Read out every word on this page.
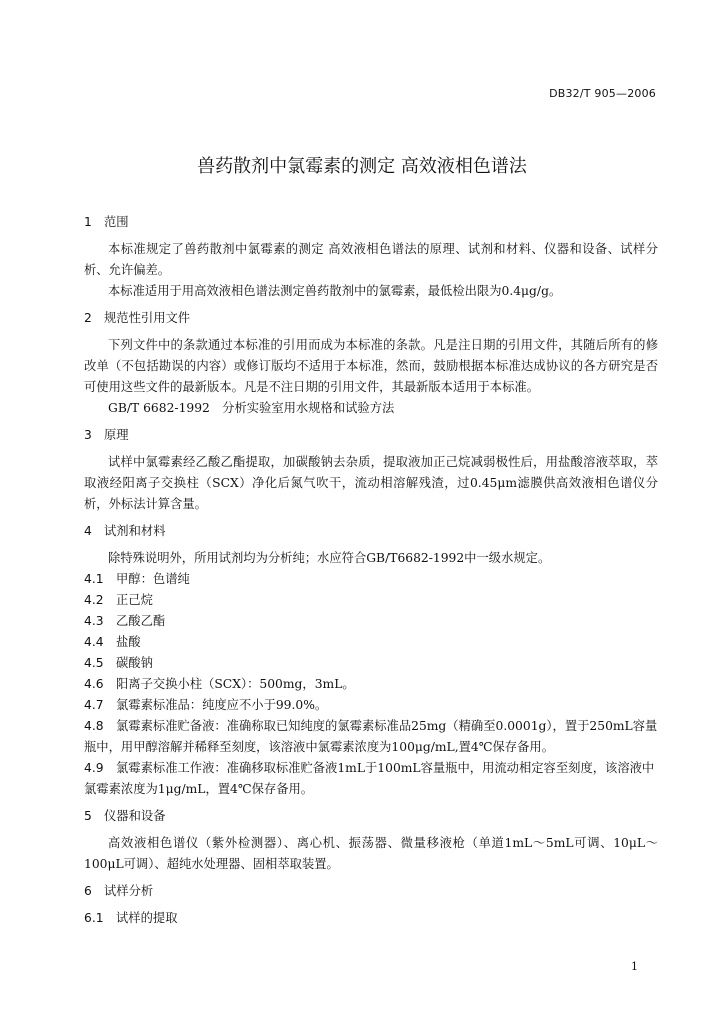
DB32/T 905—2006
兽药散剂中氯霉素的测定 高效液相色谱法

1 范围

本标准规定了兽药散剂中氯霉素的测定 高效液相色谱法的原理、试剂和材料、仪器和设备、试样分析、允许偏差。

本标准适用于用高效液相色谱法测定兽药散剂中的氯霉素，最低检出限为0.4μg/g。

2 规范性引用文件

下列文件中的条款通过本标准的引用而成为本标准的条款。凡是注日期的引用文件，其随后所有的修改单（不包括勘误的内容）或修订版均不适用于本标准，然而，鼓励根据本标准达成协议的各方研究是否可使用这些文件的最新版本。凡是不注日期的引用文件，其最新版本适用于本标准。

GB/T 6682-1992　分析实验室用水规格和试验方法

3 原理

试样中氯霉素经乙酸乙酯提取，加碳酸钠去杂质，提取液加正己烷减弱极性后，用盐酸溶液萃取，萃取液经阳离子交换柱（SCX）净化后氮气吹干，流动相溶解残渣，过0.45μm滤膜供高效液相色谱仪分析，外标法计算含量。

4 试剂和材料

除特殊说明外，所用试剂均为分析纯；水应符合GB/T6682-1992中一级水规定。

4.1 甲醇：色谱纯

4.2 正己烷

4.3 乙酸乙酯

4.4 盐酸

4.5 碳酸钠

4.6 阳离子交换小柱（SCX）：500mg，3mL。

4.7 氯霉素标准品：纯度应不小于99.0%。

4.8 氯霉素标准贮备液：准确称取已知纯度的氯霉素标准品25mg（精确至0.0001g），置于250mL容量瓶中，用甲醇溶解并稀释至刻度，该溶液中氯霉素浓度为100μg/mL,置4℃保存备用。

4.9 氯霉素标准工作液：准确移取标准贮备液1mL于100mL容量瓶中，用流动相定容至刻度，该溶液中氯霉素浓度为1μg/mL，置4℃保存备用。

5 仪器和设备

高效液相色谱仪（紫外检测器）、离心机、振荡器、微量移液枪（单道1mL～5mL可调、10μL～100μL可调）、超纯水处理器、固相萃取装置。

6 试样分析

6.1 试样的提取

1
